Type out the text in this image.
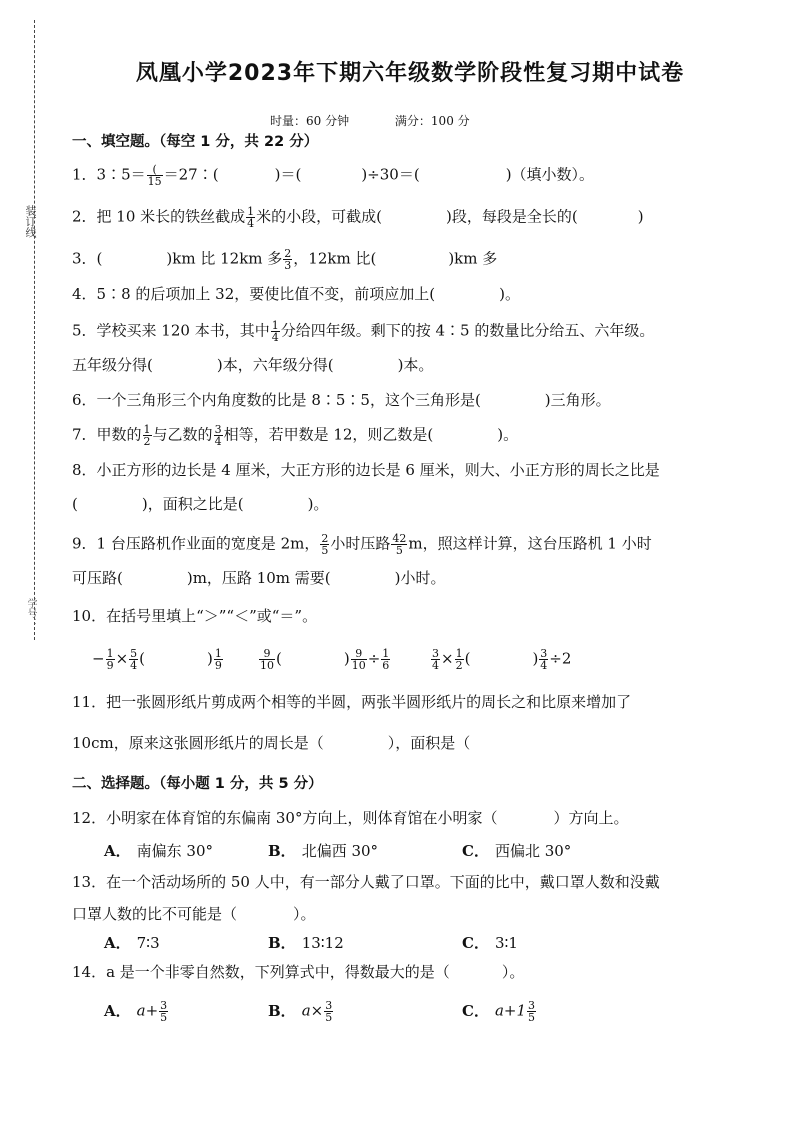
装订线
学号：
凤凰小学2023年下期六年级数学阶段性复习期中试卷
时量：60 分钟	满分：100 分
一、填空题。（每空 1 分，共 22 分）
1．3∶5＝ $\frac{(}{15}$ ＝27∶(	)＝(	)÷30＝(	)（填小数）。
2．把 10 米长的铁丝截成 $\frac{1}{4}$ 米的小段，可截成(	)段，每段是全长的(	)
3．(	)km 比 12km 多 $\frac{2}{3}$ ，12km 比(	)km 多
4．5∶8 的后项加上 32，要使比值不变，前项应加上(	)。
5．学校买来 120 本书，其中 $\frac{1}{4}$ 分给四年级。剩下的按 4∶5 的数量比分给五、六年级。
五年级分得(	)本，六年级分得(	)本。
6．一个三角形三个内角度数的比是 8∶5∶5，这个三角形是(	)三角形。
7．甲数的 $\frac{1}{2}$ 与乙数的 $\frac{3}{4}$ 相等，若甲数是 12，则乙数是(	)。
8．小正方形的边长是 4 厘米，大正方形的边长是 6 厘米，则大、小正方形的周长之比是
(	)，面积之比是(	)。
9．1 台压路机作业面的宽度是 2m， $\frac{2}{5}$ 小时压路 $\frac{42}{5}$ m，照这样计算，这台压路机 1 小时
可压路(	)m，压路 10m 需要(	)小时。
10．在括号里填上“＞”“＜”或“＝”。
− $\frac{1}{9} \times \frac{5}{4}$ (	) $\frac{1}{9}$	$\frac{9}{10}$ (	) $\frac{9}{10} \div \frac{1}{6}$	$\frac{3}{4} \times \frac{1}{2}$ (	) $\frac{3}{4} \div 2$
11．把一张圆形纸片剪成两个相等的半圆，两张半圆形纸片的周长之和比原来增加了
10cm，原来这张圆形纸片的周长是（	），面积是（
二、选择题。（每小题 1 分，共 5 分）
12．小明家在体育馆的东偏南 30°方向上，则体育馆在小明家（	）方向上。
A． 南偏东 30°	B． 北偏西 30°	C． 西偏北 30°
13．在一个活动场所的 50 人中，有一部分人戴了口罩。下面的比中，戴口罩人数和没戴
口罩人数的比不可能是（	）。
A． 7∶3	B． 13∶12	C． 3∶1
14．a 是一个非零自然数，下列算式中，得数最大的是（	）。
A． $a+ \frac{3}{5}$	B． $a\times \frac{3}{5}$	C． $a+1 \frac{3}{5}$
